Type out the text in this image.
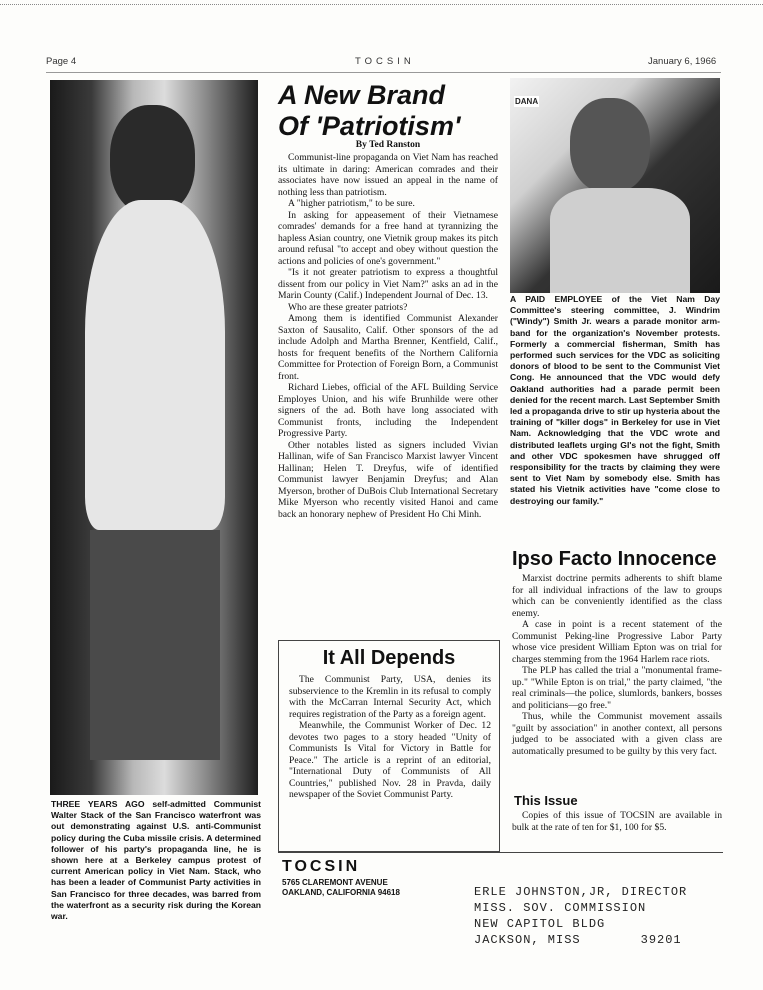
Page 4	TOCSIN	January 6, 1966
THREE YEARS AGO self-admitted Communist Walter Stack of the San Francisco waterfront was out demonstrating against U.S. anti-Communist policy during the Cuba missile crisis. A determined follower of his party's propaganda line, he is shown here at a Berkeley campus protest of current American policy in Viet Nam. Stack, who has been a leader of Communist Party activities in San Francisco for three decades, was barred from the waterfront as a security risk during the Korean war.
A New Brand
Of 'Patriotism'
By Ted Ranston

Communist-line propaganda on Viet Nam has reached its ultimate in daring: American comrades and their associates have now issued an appeal in the name of nothing less than patriotism.

A "higher patriotism," to be sure.

In asking for appeasement of their Vietnamese comrades' demands for a free hand at tyrannizing the hapless Asian country, one Vietnik group makes its pitch around refusal "to accept and obey without question the actions and policies of one's government."

"Is it not greater patriotism to express a thoughtful dissent from our policy in Viet Nam?" asks an ad in the Marin County (Calif.) Independent Journal of Dec. 13.

Who are these greater patriots?

Among them is identified Communist Alexander Saxton of Sausalito, Calif. Other sponsors of the ad include Adolph and Martha Brenner, Kentfield, Calif., hosts for frequent benefits of the Northern California Committee for Protection of Foreign Born, a Communist front.

Richard Liebes, official of the AFL Building Service Employes Union, and his wife Brunhilde were other signers of the ad. Both have long associated with Communist fronts, including the Independent Progressive Party.

Other notables listed as signers included Vivian Hallinan, wife of San Francisco Marxist lawyer Vincent Hallinan; Helen T. Dreyfus, wife of identified Communist lawyer Benjamin Dreyfus; and Alan Myerson, brother of DuBois Club International Secretary Mike Myerson who recently visited Hanoi and came back an honorary nephew of President Ho Chi Minh.

It All Depends

The Communist Party, USA, denies its subservience to the Kremlin in its refusal to comply with the McCarran Internal Security Act, which requires registration of the Party as a foreign agent.

Meanwhile, the Communist Worker of Dec. 12 devotes two pages to a story headed "Unity of Communists Is Vital for Victory in Battle for Peace." The article is a reprint of an editorial, "International Duty of Communists of All Countries," published Nov. 28 in Pravda, daily newspaper of the Soviet Communist Party.

DANA
A PAID EMPLOYEE of the Viet Nam Day Committee's steering committee, J. Windrim ("Windy") Smith Jr. wears a parade monitor arm-band for the organization's November protests. Formerly a commercial fisherman, Smith has performed such services for the VDC as soliciting donors of blood to be sent to the Communist Viet Cong. He announced that the VDC would defy Oakland authorities had a parade permit been denied for the recent march. Last September Smith led a propaganda drive to stir up hysteria about the training of "killer dogs" in Berkeley for use in Viet Nam. Acknowledging that the VDC wrote and distributed leaflets urging GI's not the fight, Smith and other VDC spokesmen have shrugged off responsibility for the tracts by claiming they were sent to Viet Nam by somebody else. Smith has stated his Vietnik activities have "come close to destroying our family."
Ipso Facto Innocence

Marxist doctrine permits adherents to shift blame for all individual infractions of the law to groups which can be conveniently identified as the class enemy.

A case in point is a recent statement of the Communist Peking-line Progressive Labor Party whose vice president William Epton was on trial for charges stemming from the 1964 Harlem race riots.

The PLP has called the trial a "monumental frame-up." "While Epton is on trial," the party claimed, "the real criminals—the police, slumlords, bankers, bosses and politicians—go free."

Thus, while the Communist movement assails "guilt by association" in another context, all persons judged to be associated with a given class are automatically presumed to be guilty by this very fact.

This Issue

Copies of this issue of TOCSIN are available in bulk at the rate of ten for $1, 100 for $5.

TOCSIN
5765 CLAREMONT AVENUE
OAKLAND, CALIFORNIA 94618	ERLE JOHNSTON,JR, DIRECTOR
MISS. SOV. COMMISSION
NEW CAPITOL BLDG
JACKSON, MISS	39201
